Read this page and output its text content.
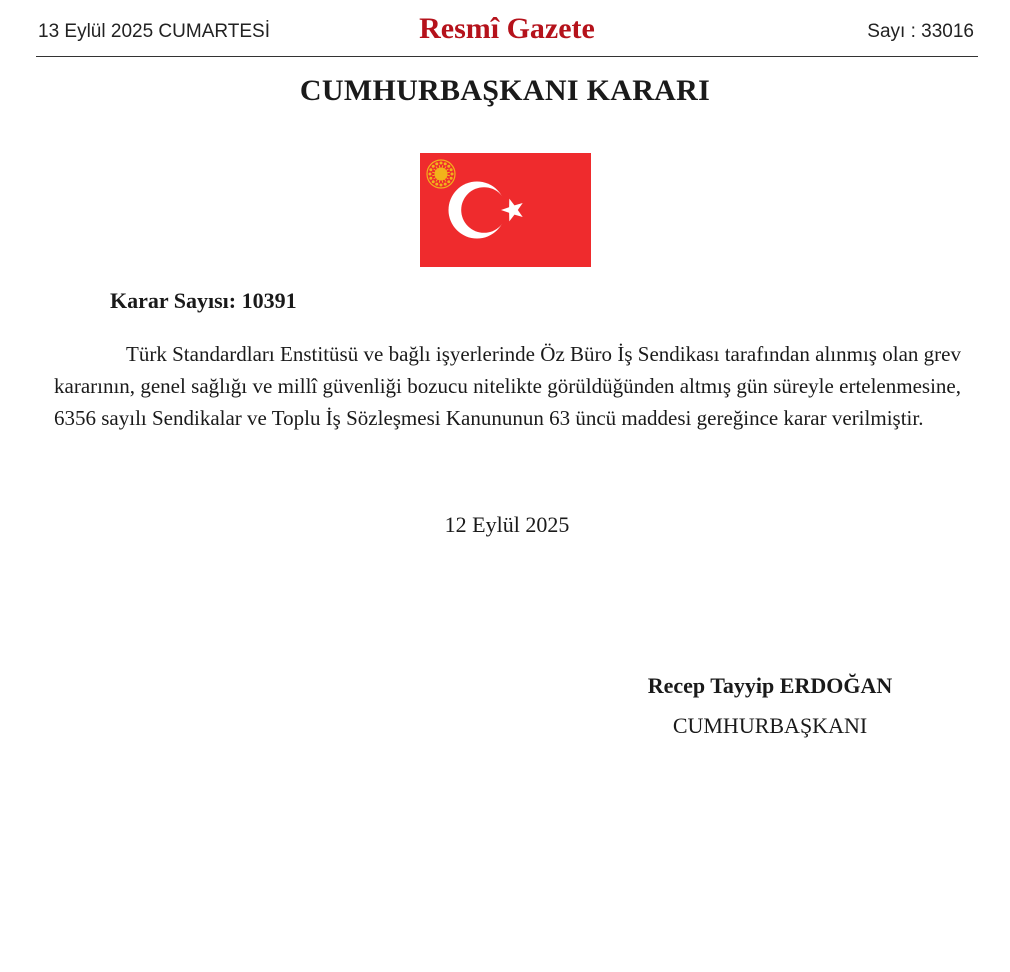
13 Eylül 2025 CUMARTESİ	Resmî Gazete	Sayı : 33016
CUMHURBAŞKANI KARARI
Karar Sayısı: 10391

Türk Standardları Enstitüsü ve bağlı işyerlerinde Öz Büro İş Sendikası tarafından alınmış olan grev kararının, genel sağlığı ve millî güvenliği bozucu nitelikte görüldüğünden altmış gün süreyle ertelenmesine, 6356 sayılı Sendikalar ve Toplu İş Sözleşmesi Kanununun 63 üncü maddesi gereğince karar verilmiştir.

12 Eylül 2025
Recep Tayyip ERDOĞAN
CUMHURBAŞKANI
